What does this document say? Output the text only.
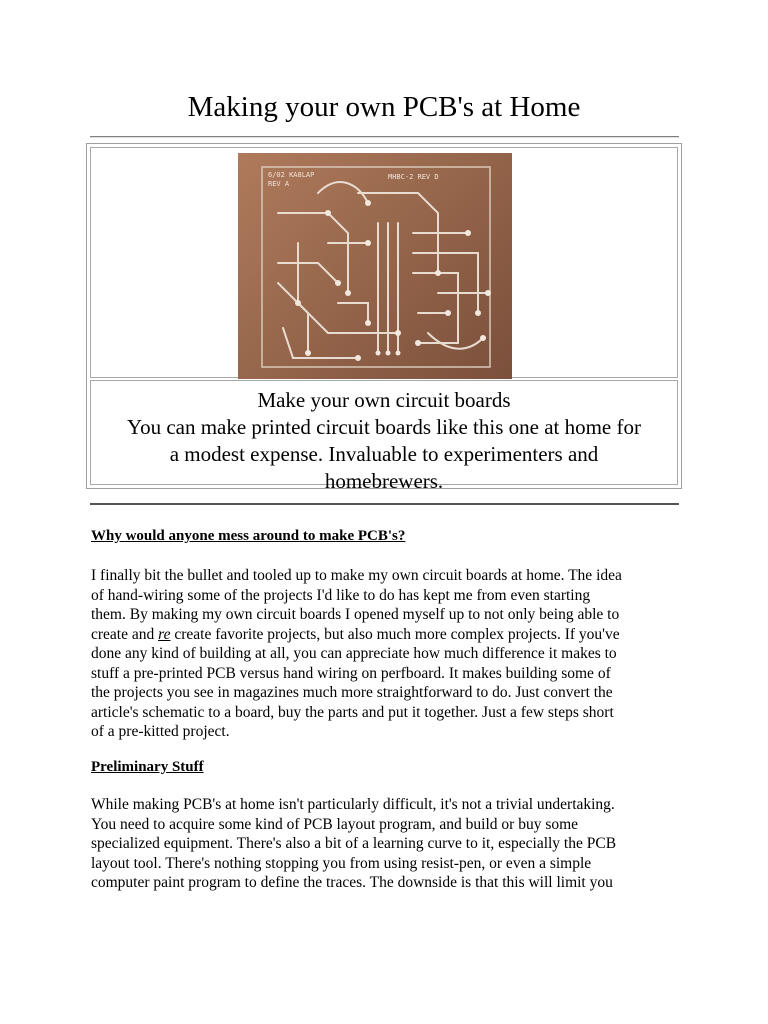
Making your own PCB's at Home
6/02 KA8LAP
REV A
MHBC-2 REV D
Make your own circuit boards
You can make printed circuit boards like this one at home for
a modest expense. Invaluable to experimenters and
homebrewers.
Why would anyone mess around to make PCB's?
I finally bit the bullet and tooled up to make my own circuit boards at home. The idea
of hand-wiring some of the projects I'd like to do has kept me from even starting
them. By making my own circuit boards I opened myself up to not only being able to
create and re create favorite projects, but also much more complex projects. If you've
done any kind of building at all, you can appreciate how much difference it makes to
stuff a pre-printed PCB versus hand wiring on perfboard. It makes building some of
the projects you see in magazines much more straightforward to do. Just convert the
article's schematic to a board, buy the parts and put it together. Just a few steps short
of a pre-kitted project.
Preliminary Stuff
While making PCB's at home isn't particularly difficult, it's not a trivial undertaking.
You need to acquire some kind of PCB layout program, and build or buy some
specialized equipment. There's also a bit of a learning curve to it, especially the PCB
layout tool. There's nothing stopping you from using resist-pen, or even a simple
computer paint program to define the traces. The downside is that this will limit you
